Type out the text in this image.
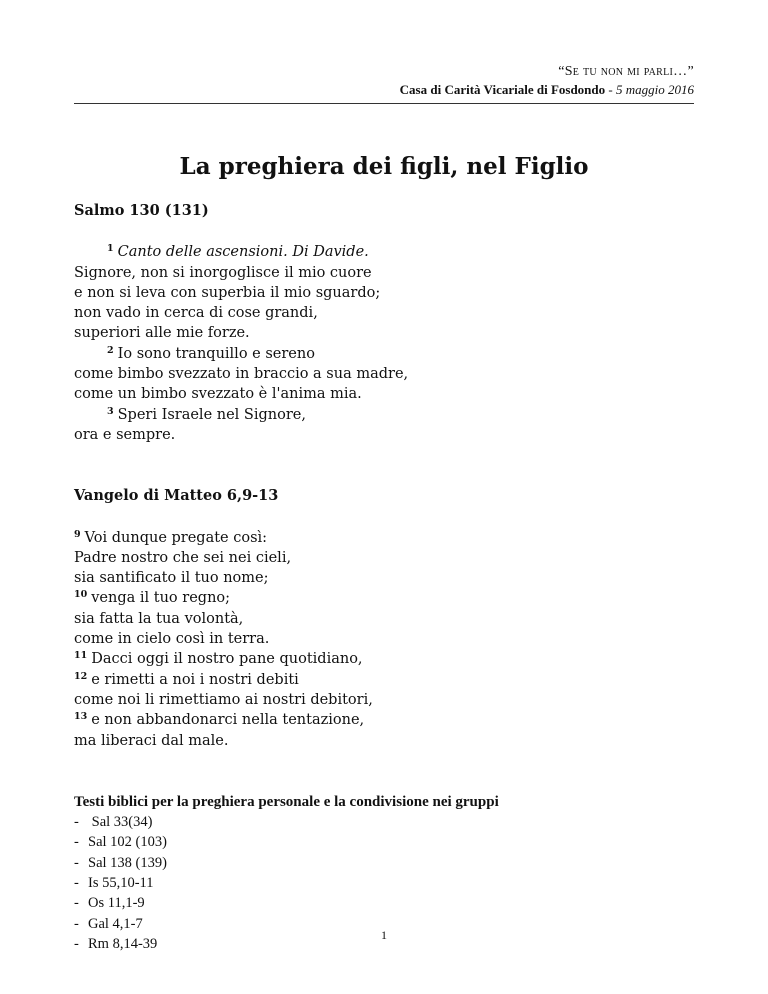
“Se tu non mi parli…”
Casa di Carità Vicariale di Fosdondo - 5 maggio 2016
La preghiera dei figli, nel Figlio
Salmo 130 (131)
$^1$ Canto delle ascensioni. Di Davide.
Signore, non si inorgoglisce il mio cuore
e non si leva con superbia il mio sguardo;
non vado in cerca di cose grandi,
superiori alle mie forze.
$^2$ Io sono tranquillo e sereno
come bimbo svezzato in braccio a sua madre,
come un bimbo svezzato è l'anima mia.
$^3$ Speri Israele nel Signore,
ora e sempre.
Vangelo di Matteo 6,9-13
$^9$ Voi dunque pregate così:
Padre nostro che sei nei cieli,
sia santificato il tuo nome;
$^{10}$ venga il tuo regno;
sia fatta la tua volontà,
come in cielo così in terra.
$^{11}$ Dacci oggi il nostro pane quotidiano,
$^{12}$ e rimetti a noi i nostri debiti
come noi li rimettiamo ai nostri debitori,
$^{13}$ e non abbandonarci nella tentazione,
ma liberaci dal male.
Testi biblici per la preghiera personale e la condivisione nei gruppi
- Sal 33(34)
- Sal 102 (103)
- Sal 138 (139)
- Is 55,10-11
- Os 11,1-9
- Gal 4,1-7
- Rm 8,14-39
1
